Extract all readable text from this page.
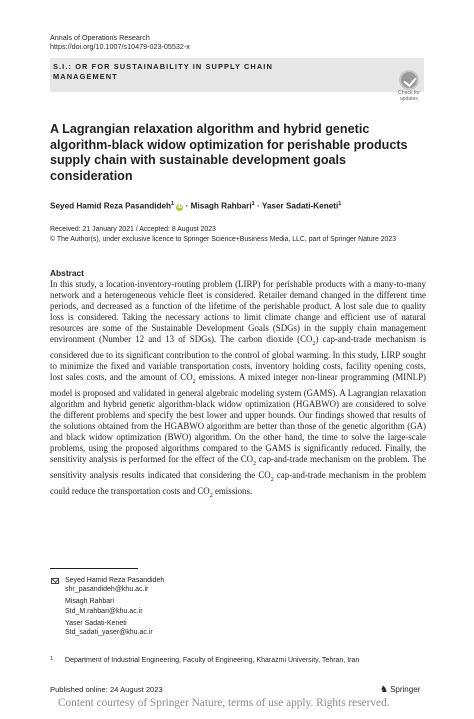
Annals of Operations Research
https://doi.org/10.1007/s10479-023-05532-x
S.I.: OR FOR SUSTAINABILITY IN SUPPLY CHAIN
MANAGEMENT
Check for
updates
A Lagrangian relaxation algorithm and hybrid genetic algorithm-black widow optimization for perishable products supply chain with sustainable development goals consideration
Seyed Hamid Reza Pasandideh$^1$ iD · Misagh Rahbari$^1$ · Yaser Sadati-Keneti$^1$
Received: 21 January 2021 / Accepted: 8 August 2023
© The Author(s), under exclusive licence to Springer Science+Business Media, LLC, part of Springer Nature 2023
Abstract

In this study, a location-inventory-routing problem (LIRP) for perishable products with a many-to-many network and a heterogeneous vehicle fleet is considered. Retailer demand changed in the different time periods, and decreased as a function of the lifetime of the perishable product. A lost sale due to quality loss is considered. Taking the necessary actions to limit climate change and efficient use of natural resources are some of the Sustainable Development Goals (SDGs) in the supply chain management environment (Number 12 and 13 of SDGs). The carbon dioxide $(CO_2)$ cap-and-trade mechanism is considered due to its significant contribution to the control of global warming. In this study, LIRP sought to minimize the fixed and variable transportation costs, inventory holding costs, facility opening costs, lost sales costs, and the amount of $CO_2$ emissions. A mixed integer non-linear programming (MINLP) model is proposed and validated in general algebraic modeling system (GAMS). A Lagrangian relaxation algorithm and hybrid genetic algorithm-black widow optimization (HGABWO) are considered to solve the different problems and specify the best lower and upper bounds. Our findings showed that results of the solutions obtained from the HGABWO algorithm are better than those of the genetic algorithm (GA) and black widow optimization (BWO) algorithm. On the other hand, the time to solve the large-scale problems, using the proposed algorithms compared to the GAMS is significantly reduced. Finally, the sensitivity analysis is performed for the effect of the $CO_2$ cap-and-trade mechanism on the problem. The sensitivity analysis results indicated that considering the $CO_2$ cap-and-trade mechanism in the problem could reduce the transportation costs and $CO_2$ emissions.

Seyed Hamid Reza Pasandideh
shr_pasandideh@khu.ac.ir
Misagh Rahbari
Std_M.rahbari@khu.ac.ir
Yaser Sadati-Keneti
Std_sadati_yaser@khu.ac.ir
1 Department of Industrial Engineering, Faculty of Engineering, Kharazmi University, Tehran, Iran
Published online: 24 August 2023	♞ Springer
Content courtesy of Springer Nature, terms of use apply. Rights reserved.
